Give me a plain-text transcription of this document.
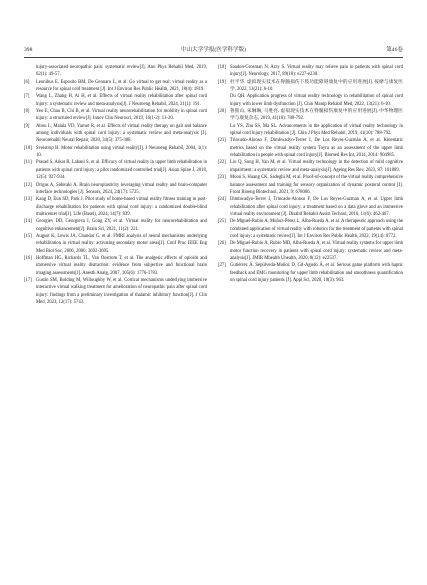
398	中山大学学报(医学科学版)	第46卷
injury-associated neuropathic pain: systematic review[J]. Ann Phys Rehabil Med, 2019, 62(1): 49-57.
[6]	Leonibus E, Esposito BM, De Gennaro L, et al. Go virtual to get real: virtual reality as a resource for spinal cord treatment [J]. Int J Environ Res Public Health, 2021, 18(4): 1819.
[7]	Wang L, Zhang H, Ai H, et al. Effects of virtual reality rehabilitation after spinal cord injury: a systematic review and meta-analysis[J]. J Neuroeng Rehabil, 2024, 21(1): 191.
[8]	Yeo E, Chau B, Chi B, et al. Virtual reality neurorehabilitation for mobility in spinal cord injury: a structured review[J]. Innov Clin Neurosci, 2019, 16(1-2): 13-20.
[9]	Abou L, Malala VD, Yarnot R, et al. Effects of virtual reality therapy on gait and balance among individuals with spinal cord injury: a systematic review and meta-analysis [J]. Neurorehabil Neural Repair, 2020, 34(5): 375-388.
[10] Sveistrup H. Motor rehabilitation using virtual reality[J]. J Neuroeng Rehabil, 2004, 1(1): 10.
[11] Prasad S, Aikat R, Labani S, et al. Efficacy of virtual reality in upper limb rehabilitation in patients with spinal cord injury: a pilot randomized controlled trial[J]. Asian Spine J, 2018, 12(5): 927-934.
[12] Drigas A, Sideraki A. Brain neuroplasticity leveraging virtual reality and brain-computer interface technologies [J]. Sensors, 2024, 24(17): 5725.
[13] Kang D, Eun SD, Park J. Pilot study of home-based virtual reality fitness training in post-discharge rehabilitation for patients with spinal cord injury: a randomized double-blind multicenter trial[J]. Life (Basel), 2024, 14(7): 839.
[14] Georgiev DD, Georgieva I, Gong ZY, et al. Virtual reality for neurorehabilitation and cognitive enhancement[J]. Brain Sci, 2021, 11(2): 221.
[15] August K, Lewis JA, Chandar G, et al. FMRI analysis of neural mechanisms underlying rehabilitation in virtual reality: activating secondary motor areas[J]. Conf Proc IEEE Eng Med Biol Soc, 2006, 2006: 3692-3695.
[16] Hoffman HG, Richards TL, Van Oostrom T, et al. The analgesic effects of opioids and immersive virtual reality distraction: evidence from subjective and functional brain imaging assessments[J]. Anesth Analg, 2007, 105(6): 1776-1783.
[17] Gustin SM, Bolding M, Willoughby W, et al. Cortical mechanisms underlying immersive interactive virtual walking treatment for amelioration of neuropathic pain after spinal cord injury: findings from a preliminary investigation of thalamic inhibitory function[J]. J Clin Med, 2023, 12(17): 5743.
[18] Saadon-Grosman N, Arzy S. Virtual reality may relieve pain in patients with spinal cord injury[J]. Neurology, 2017, 89(18): e227-e230.
[19] 杜平华. 虚拟现实技术在脊髓损伤下肢功能障碍康复中的应用进展[J]. 按摩与康复医学, 2022, 13(21): 6-10.
Du QH. Application progress of virtual reality technology in rehabilitation of spinal cord injury with lower limb dysfunction [J]. Chin Manip Rehabil Med, 2022, 13(21): 6-10.
[20] 鲁银山, 朱琳琳, 马胜亮. 虚拟现实技术在脊髓损伤康复中的应用进展[J]. 中华物理医学与康复杂志, 2019, 41(10): 788-792.
Lu YS, Zhu SS, Ma SL. Advancements in the application of virtual reality technology in spinal cord injury rehabilitation [J]. Chin J Phys Med Rehabil, 2019, 41(10): 788-792.
[21] Trincado-Alonso F, Dimbwadyo-Terrer I, De Los Reyes-Guzmán A, et al. Kinematic metrics based on the virtual reality system Toyra as an assessment of the upper limb rehabilitation in people with spinal cord injury[J]. Biomed Res Int, 2014, 2014: 904985.
[22] Liu Q, Song H, Yan M, et al. Virtual reality technology in the detection of mild cognitive impairment: a systematic review and meta-analysis[J]. Ageing Res Rev, 2023, 87: 101889.
[23] Moon S, Huang CK, Sadeghi M, et al. Proof-of-concept of the virtual reality comprehensive balance assessment and training for sensory organization of dynamic postural control [J]. Front Bioeng Biotechnol, 2021, 9: 678006.
[24] Dimbwadyo-Terrer I, Trincado-Alonso F, De Los Reyes-Guzmán A, et al. Upper limb rehabilitation after spinal cord injury: a treatment based on a data glove and an immersive virtual reality environment [J]. Disabil Rehabil Assist Technol, 2016, 11(6): 462-467.
[25] De Miguel-Rubio A, Muñoz-Pérez L, Alba-Rueda A, et al. A therapeutic approach using the combined application of virtual reality with robotics for the treatment of patients with spinal cord injury: a systematic review[J]. Int J Environ Res Public Health, 2022, 19(14): 8772.
[26] De Miguel-Rubio A, Rubio MD, Alba-Rueda A, et al. Virtual reality systems for upper limb motor function recovery in patients with spinal cord injury: systematic review and meta-analysis[J]. JMIR Mhealth Uhealth, 2020, 8(12): e22537.
[27] Gutiérrez Á, Sepúlveda-Muñoz D, Gil-Agudo Á, et al. Serious game platform with haptic feedback and EMG monitoring for upper limb rehabilitation and smoothness quantification on spinal cord injury patients [J]. Appl Sci, 2020, 10(3): 963.
